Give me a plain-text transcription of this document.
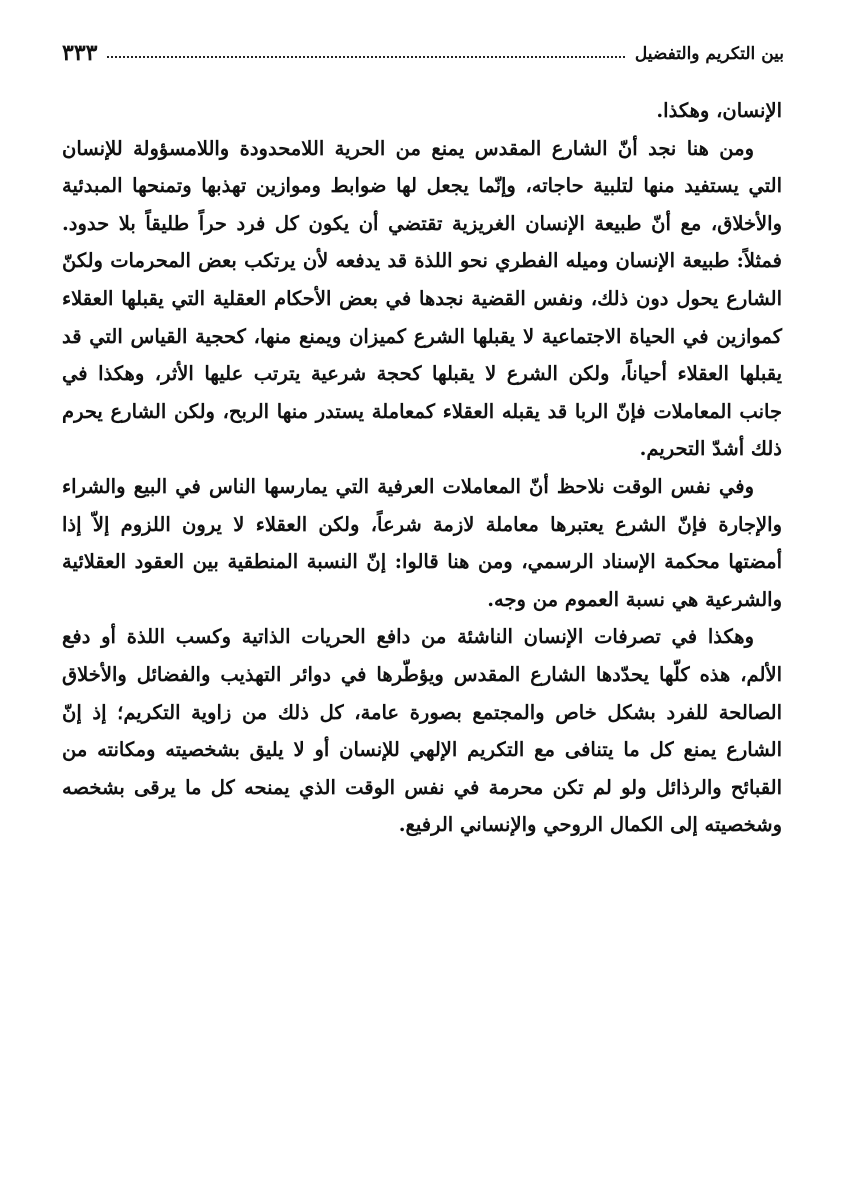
بين التكريم والتفضيل
٣٣٣

الإنسان، وهكذا.

ومن هنا نجد أنّ الشارع المقدس يمنع من الحرية اللامحدودة واللامسؤولة للإنسان التي يستفيد منها لتلبية حاجاته، وإنّما يجعل لها ضوابط وموازين تهذبها وتمنحها المبدئية والأخلاق، مع أنّ طبيعة الإنسان الغريزية تقتضي أن يكون كل فرد حراً طليقاً بلا حدود. فمثلاً: طبيعة الإنسان وميله الفطري نحو اللذة قد يدفعه لأن يرتكب بعض المحرمات ولكنّ الشارع يحول دون ذلك، ونفس القضية نجدها في بعض الأحكام العقلية التي يقبلها العقلاء كموازين في الحياة الاجتماعية لا يقبلها الشرع كميزان ويمنع منها، كحجية القياس التي قد يقبلها العقلاء أحياناً، ولكن الشرع لا يقبلها كحجة شرعية يترتب عليها الأثر، وهكذا في جانب المعاملات فإنّ الربا قد يقبله العقلاء كمعاملة يستدر منها الربح، ولكن الشارع يحرم ذلك أشدّ التحريم.

وفي نفس الوقت نلاحظ أنّ المعاملات العرفية التي يمارسها الناس في البيع والشراء والإجارة فإنّ الشرع يعتبرها معاملة لازمة شرعاً، ولكن العقلاء لا يرون اللزوم إلاّ إذا أمضتها محكمة الإسناد الرسمي، ومن هنا قالوا: إنّ النسبة المنطقية بين العقود العقلائية والشرعية هي نسبة العموم من وجه.

وهكذا في تصرفات الإنسان الناشئة من دافع الحريات الذاتية وكسب اللذة أو دفع الألم، هذه كلّها يحدّدها الشارع المقدس ويؤطّرها في دوائر التهذيب والفضائل والأخلاق الصالحة للفرد بشكل خاص والمجتمع بصورة عامة، كل ذلك من زاوية التكريم؛ إذ إنّ الشارع يمنع كل ما يتنافى مع التكريم الإلهي للإنسان أو لا يليق بشخصيته ومكانته من القبائح والرذائل ولو لم تكن محرمة في نفس الوقت الذي يمنحه كل ما يرقى بشخصه وشخصيته إلى الكمال الروحي والإنساني الرفيع.
